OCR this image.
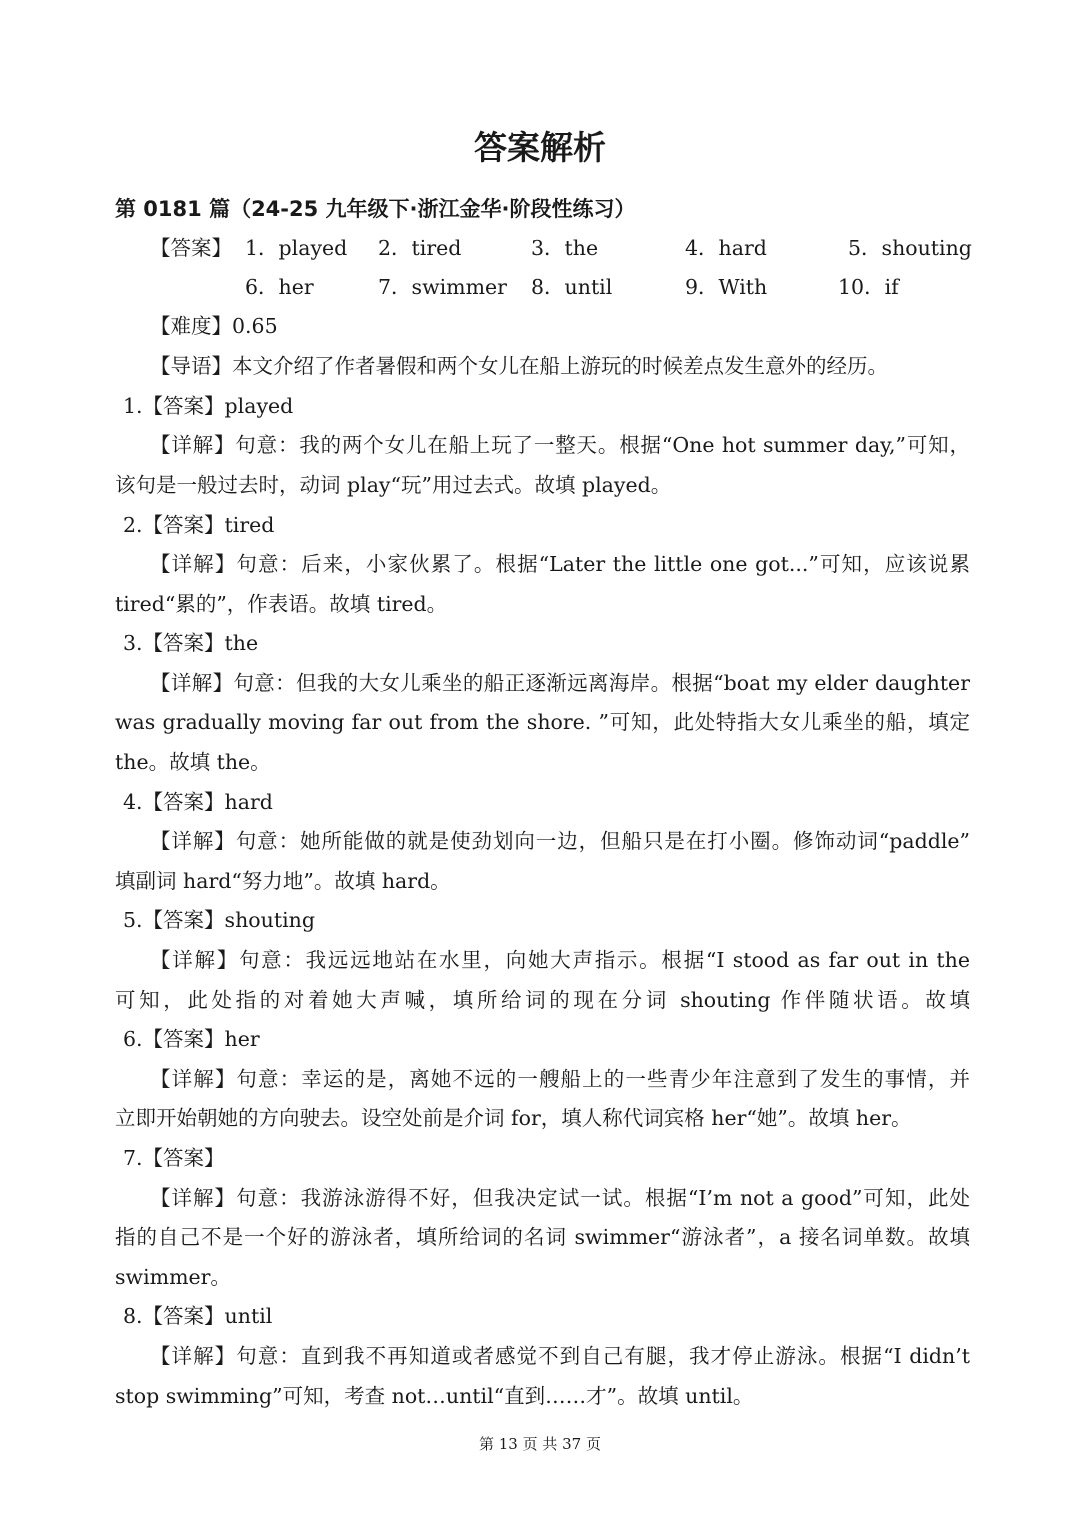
答案解析
第 0181 篇（24-25 九年级下·浙江金华·阶段性练习）
【答案】 1．played 2．tired	3．the	4．hard	5．shouting
6．her	7．swimmer 8．until	9．With	10．if
【难度】0.65
【导语】本文介绍了作者暑假和两个女儿在船上游玩的时候差点发生意外的经历。
1.【答案】played
【详解】句意：我的两个女儿在船上玩了一整天。根据“One hot summer day,”可知，
该句是一般过去时，动词 play“玩”用过去式。故填 played。
2.【答案】tired
【详解】句意：后来，小家伙累了。根据“Later the little one got...”可知，应该说累
tired“累的”，作表语。故填 tired。
3.【答案】the
【详解】句意：但我的大女儿乘坐的船正逐渐远离海岸。根据“boat my elder daughter
was gradually moving far out from the shore. ”可知，此处特指大女儿乘坐的船，填定
the。故填 the。
4.【答案】hard
【详解】句意：她所能做的就是使劲划向一边，但船只是在打小圈。修饰动词“paddle”
填副词 hard“努力地”。故填 hard。
5.【答案】shouting
【详解】句意：我远远地站在水里，向她大声指示。根据“I stood as far out in the
可知，此处指的对着她大声喊，填所给词的现在分词 shouting 作伴随状语。故填
6.【答案】her
【详解】句意：幸运的是，离她不远的一艘船上的一些青少年注意到了发生的事情，并
立即开始朝她的方向驶去。设空处前是介词 for，填人称代词宾格 her“她”。故填 her。
7.【答案】
【详解】句意：我游泳游得不好，但我决定试一试。根据“I’m not a good”可知，此处
指的自己不是一个好的游泳者，填所给词的名词 swimmer“游泳者”，a 接名词单数。故填
swimmer。
8.【答案】until
【详解】句意：直到我不再知道或者感觉不到自己有腿，我才停止游泳。根据“I didn’t
stop swimming”可知，考查 not…until“直到……才”。故填 until。
第 13 页 共 37 页
